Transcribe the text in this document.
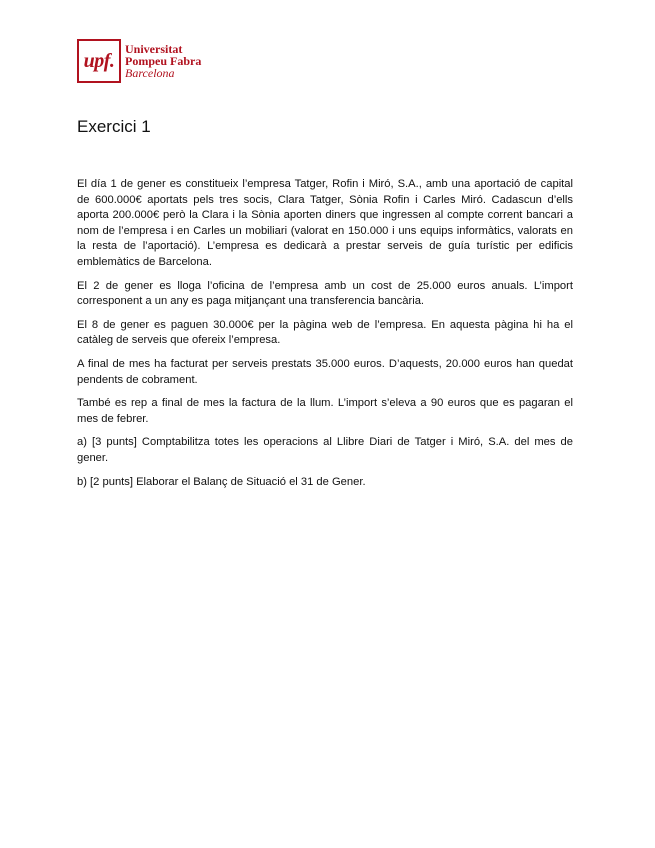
upf.
Universitat
Pompeu Fabra
Barcelona
Exercici 1

El día 1 de gener es constitueix l’empresa Tatger, Rofin i Miró, S.A., amb una aportació de capital de 600.000€ aportats pels tres socis, Clara Tatger, Sònia Rofin i Carles Miró. Cadascun d’ells aporta 200.000€ però la Clara i la Sònia aporten diners que ingressen al compte corrent bancari a nom de l’empresa i en Carles un mobiliari (valorat en 150.000 i uns equips informàtics, valorats en la resta de l’aportació). L’empresa es dedicarà a prestar serveis de guía turístic per edificis emblemàtics de Barcelona.

El 2 de gener es lloga l’oficina de l’empresa amb un cost de 25.000 euros anuals. L’import corresponent a un any es paga mitjançant una transferencia bancària.

El 8 de gener es paguen 30.000€ per la pàgina web de l’empresa. En aquesta pàgina hi ha el catàleg de serveis que ofereix l’empresa.

A final de mes ha facturat per serveis prestats 35.000 euros. D’aquests, 20.000 euros han quedat pendents de cobrament.

També es rep a final de mes la factura de la llum. L’import s’eleva a 90 euros que es pagaran el mes de febrer.

a) [3 punts] Comptabilitza totes les operacions al Llibre Diari de Tatger i Miró, S.A. del mes de gener.

b) [2 punts] Elaborar el Balanç de Situació el 31 de Gener.
